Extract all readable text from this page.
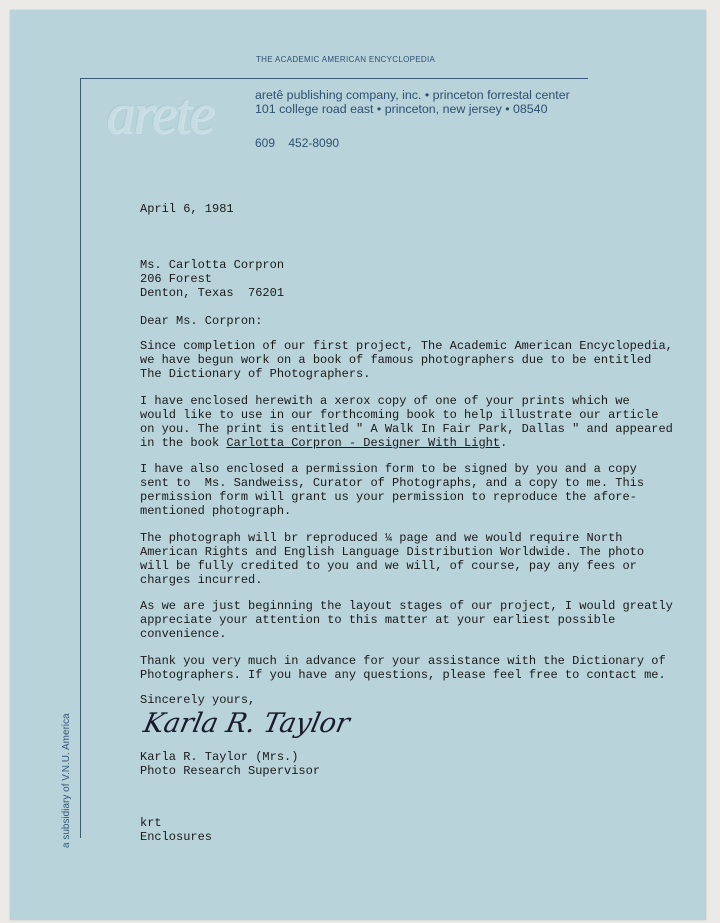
THE ACADEMIC AMERICAN ENCYCLOPEDIA
arete	aretê publishing company, inc. • princeton forrestal center
101 college road east • princeton, new jersey • 08540
609 452-8090
a subsidiary of V.N.U. America
April 6, 1981
Ms. Carlotta Corpron
206 Forest
Denton, Texas  76201
Dear Ms. Corpron:
Since completion of our first project, The Academic American Encyclopedia,
we have begun work on a book of famous photographers due to be entitled
The Dictionary of Photographers.
I have enclosed herewith a xerox copy of one of your prints which we
would like to use in our forthcoming book to help illustrate our article
on you. The print is entitled " A Walk In Fair Park, Dallas " and appeared
in the book Carlotta Corpron - Designer With Light.
I have also enclosed a permission form to be signed by you and a copy
sent to  Ms. Sandweiss, Curator of Photographs, and a copy to me. This
permission form will grant us your permission to reproduce the afore-
mentioned photograph.
The photograph will br reproduced ¼ page and we would require North
American Rights and English Language Distribution Worldwide. The photo
will be fully credited to you and we will, of course, pay any fees or
charges incurred.
As we are just beginning the layout stages of our project, I would greatly
appreciate your attention to this matter at your earliest possible
convenience.
Thank you very much in advance for your assistance with the Dictionary of
Photographers. If you have any questions, please feel free to contact me.
Sincerely yours,
Karla R. Taylor
Karla R. Taylor (Mrs.)
Photo Research Supervisor
krt
Enclosures
